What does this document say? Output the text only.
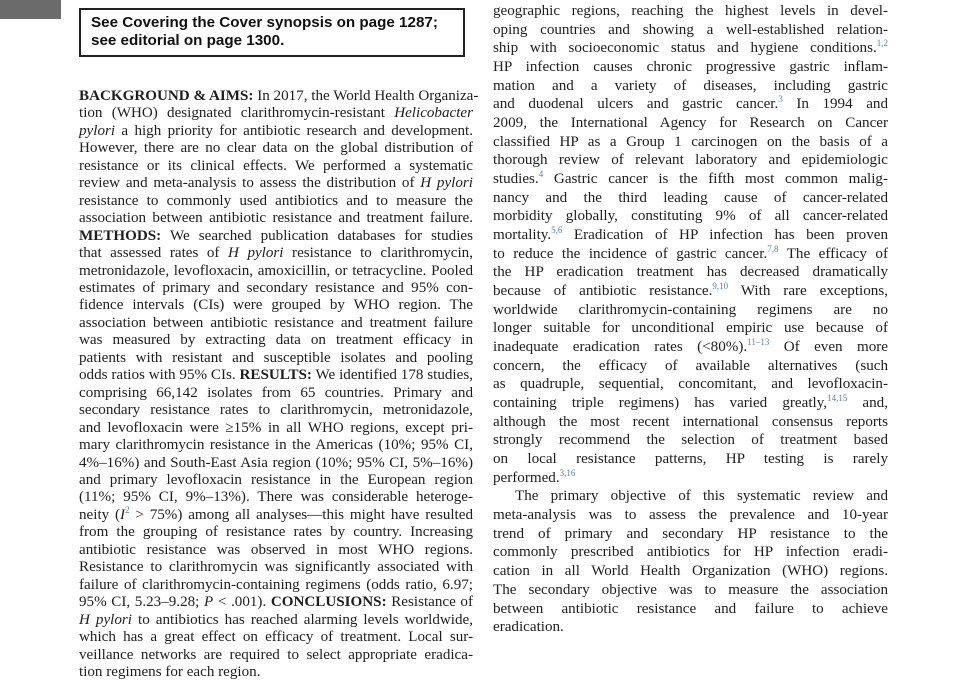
See Covering the Cover synopsis on page 1287;
see editorial on page 1300.
BACKGROUND & AIMS: In 2017, the World Health Organiza-
tion (WHO) designated clarithromycin-resistant Helicobacter
pylori a high priority for antibiotic research and development.
However, there are no clear data on the global distribution of
resistance or its clinical effects. We performed a systematic
review and meta-analysis to assess the distribution of H pylori
resistance to commonly used antibiotics and to measure the
association between antibiotic resistance and treatment failure.
METHODS: We searched publication databases for studies
that assessed rates of H pylori resistance to clarithromycin,
metronidazole, levofloxacin, amoxicillin, or tetracycline. Pooled
estimates of primary and secondary resistance and 95% con-
fidence intervals (CIs) were grouped by WHO region. The
association between antibiotic resistance and treatment failure
was measured by extracting data on treatment efficacy in
patients with resistant and susceptible isolates and pooling
odds ratios with 95% CIs. RESULTS: We identified 178 studies,
comprising 66,142 isolates from 65 countries. Primary and
secondary resistance rates to clarithromycin, metronidazole,
and levofloxacin were ≥15% in all WHO regions, except pri-
mary clarithromycin resistance in the Americas (10%; 95% CI,
4%–16%) and South-East Asia region (10%; 95% CI, 5%–16%)
and primary levofloxacin resistance in the European region
(11%; 95% CI, 9%–13%). There was considerable heteroge-
neity $(I^2 > 75\%)$ among all analyses—this might have resulted
from the grouping of resistance rates by country. Increasing
antibiotic resistance was observed in most WHO regions.
Resistance to clarithromycin was significantly associated with
failure of clarithromycin-containing regimens (odds ratio, 6.97;
95% CI, 5.23–9.28; P < .001). CONCLUSIONS: Resistance of
H pylori to antibiotics has reached alarming levels worldwide,
which has a great effect on efficacy of treatment. Local sur-
veillance networks are required to select appropriate eradica-
tion regimens for each region.
geographic regions, reaching the highest levels in devel-
oping countries and showing a well-established relation-
ship with socioeconomic status and hygiene conditions.$^{1,2}$
HP infection causes chronic progressive gastric inflam-
mation and a variety of diseases, including gastric
and duodenal ulcers and gastric cancer.$^3$ In 1994 and
2009, the International Agency for Research on Cancer
classified HP as a Group 1 carcinogen on the basis of a
thorough review of relevant laboratory and epidemiologic
studies.$^4$ Gastric cancer is the fifth most common malig-
nancy and the third leading cause of cancer-related
morbidity globally, constituting 9% of all cancer-related
mortality.$^{5,6}$ Eradication of HP infection has been proven
to reduce the incidence of gastric cancer.$^{7,8}$ The efficacy of
the HP eradication treatment has decreased dramatically
because of antibiotic resistance.$^{9,10}$ With rare exceptions,
worldwide clarithromycin-containing regimens are no
longer suitable for unconditional empiric use because of
inadequate eradication rates (<80%).$^{11-13}$ Of even more
concern, the efficacy of available alternatives (such
as quadruple, sequential, concomitant, and levofloxacin-
containing triple regimens) has varied greatly,$^{14,15}$ and,
although the most recent international consensus reports
strongly recommend the selection of treatment based
on local resistance patterns, HP testing is rarely
performed.$^{3,16}$
The primary objective of this systematic review and
meta-analysis was to assess the prevalence and 10-year
trend of primary and secondary HP resistance to the
commonly prescribed antibiotics for HP infection eradi-
cation in all World Health Organization (WHO) regions.
The secondary objective was to measure the association
between antibiotic resistance and failure to achieve
eradication.
